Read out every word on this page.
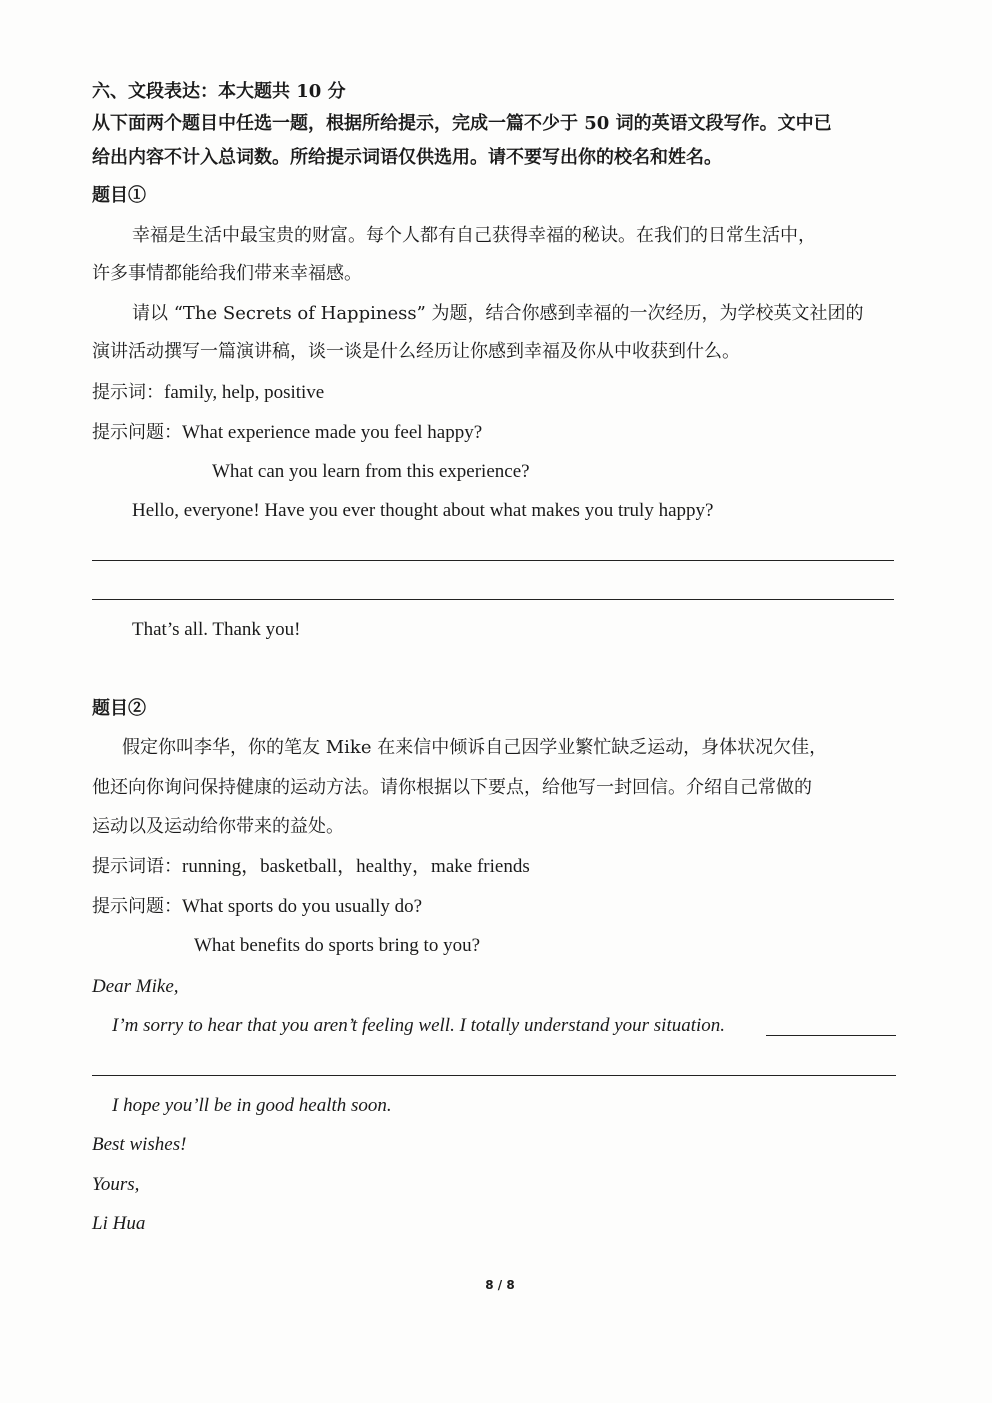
六、文段表达：本大题共 10 分
从下面两个题目中任选一题，根据所给提示，完成一篇不少于 50 词的英语文段写作。文中已
给出内容不计入总词数。所给提示词语仅供选用。请不要写出你的校名和姓名。
题目①
幸福是生活中最宝贵的财富。每个人都有自己获得幸福的秘诀。在我们的日常生活中，
许多事情都能给我们带来幸福感。
请以 “The Secrets of Happiness” 为题，结合你感到幸福的一次经历，为学校英文社团的
演讲活动撰写一篇演讲稿，谈一谈是什么经历让你感到幸福及你从中收获到什么。
提示词：family, help, positive
提示问题：What experience made you feel happy?
What can you learn from this experience?
Hello, everyone! Have you ever thought about what makes you truly happy?
That’s all. Thank you!
题目②
假定你叫李华，你的笔友 Mike 在来信中倾诉自己因学业繁忙缺乏运动，身体状况欠佳，
他还向你询问保持健康的运动方法。请你根据以下要点，给他写一封回信。介绍自己常做的
运动以及运动给你带来的益处。
提示词语：running，basketball，healthy，make friends
提示问题：What sports do you usually do?
What benefits do sports bring to you?
Dear Mike,
I’m sorry to hear that you aren’t feeling well. I totally understand your situation.
I hope you’ll be in good health soon.
Best wishes!
Yours,
Li Hua
8 / 8
